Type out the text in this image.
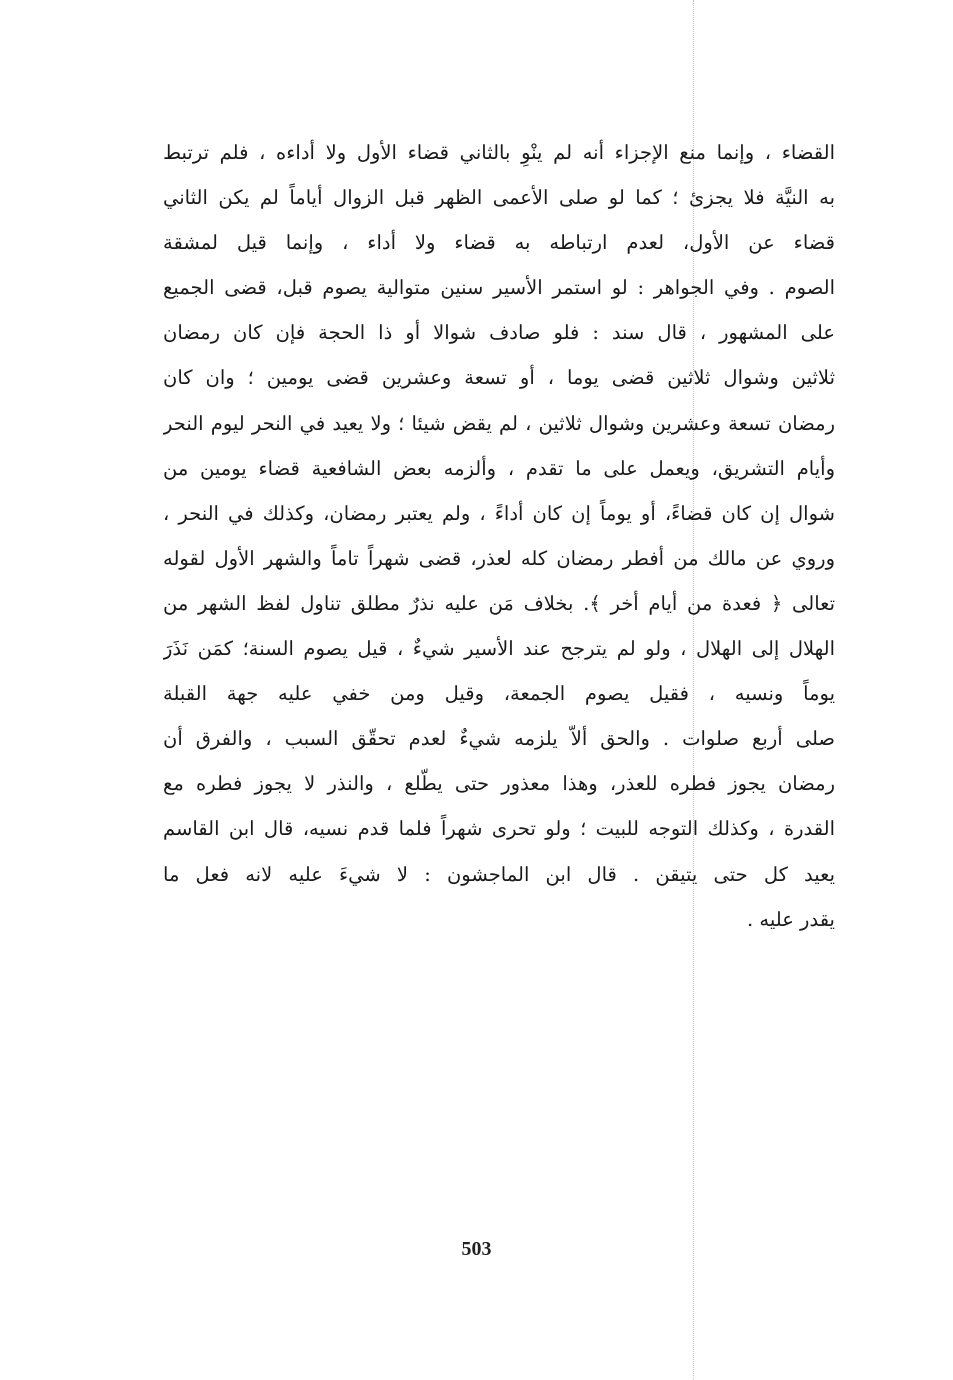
القضاء ، وإنما منع الإجزاء أنه لم ينْوِ بالثاني قضاء الأول ولا أداءه ، فلم ترتبط
به النيَّة فلا يجزئ ؛ كما لو صلى الأعمى الظهر قبل الزوال أياماً لم يكن الثاني
قضاء عن الأول، لعدم ارتباطه به قضاء ولا أداء ، وإنما قيل لمشقة
الصوم . وفي الجواهر : لو استمر الأسير سنين متوالية يصوم قبل، قضى الجميع
على المشهور ، قال سند : فلو صادف شوالا أو ذا الحجة فإن كان رمضان
ثلاثين وشوال ثلاثين قضى يوما ، أو تسعة وعشرين قضى يومين ؛ وان كان
رمضان تسعة وعشرين وشوال ثلاثين ، لم يقض شيئا ؛ ولا يعيد في النحر ليوم النحر
وأيام التشريق، ويعمل على ما تقدم ، وألزمه بعض الشافعية قضاء يومين من
شوال إن كان قضاءً، أو يوماً إن كان أداءً ، ولم يعتبر رمضان، وكذلك في النحر ،
وروي عن مالك من أفطر رمضان كله لعذر، قضى شهراً تاماً والشهر الأول لقوله
تعالى ﴿ فعدة من أيام أخر ﴾. بخلاف مَن عليه نذرٌ مطلق تناول لفظ الشهر من
الهلال إلى الهلال ، ولو لم يترجح عند الأسير شيءٌ ، قيل يصوم السنة؛ كمَن نَذَرَ
يوماً ونسيه ، فقيل يصوم الجمعة، وقيل ومن خفي عليه جهة القبلة
صلى أربع صلوات . والحق ألاّ يلزمه شيءٌ لعدم تحقّق السبب ، والفرق أن
رمضان يجوز فطره للعذر، وهذا معذور حتى يطّلع ، والنذر لا يجوز فطره مع
القدرة ، وكذلك التوجه للبيت ؛ ولو تحرى شهراً فلما قدم نسيه، قال ابن القاسم
يعيد كل حتى يتيقن . قال ابن الماجشون : لا شيءَ عليه لانه فعل ما
يقدر عليه .
503
